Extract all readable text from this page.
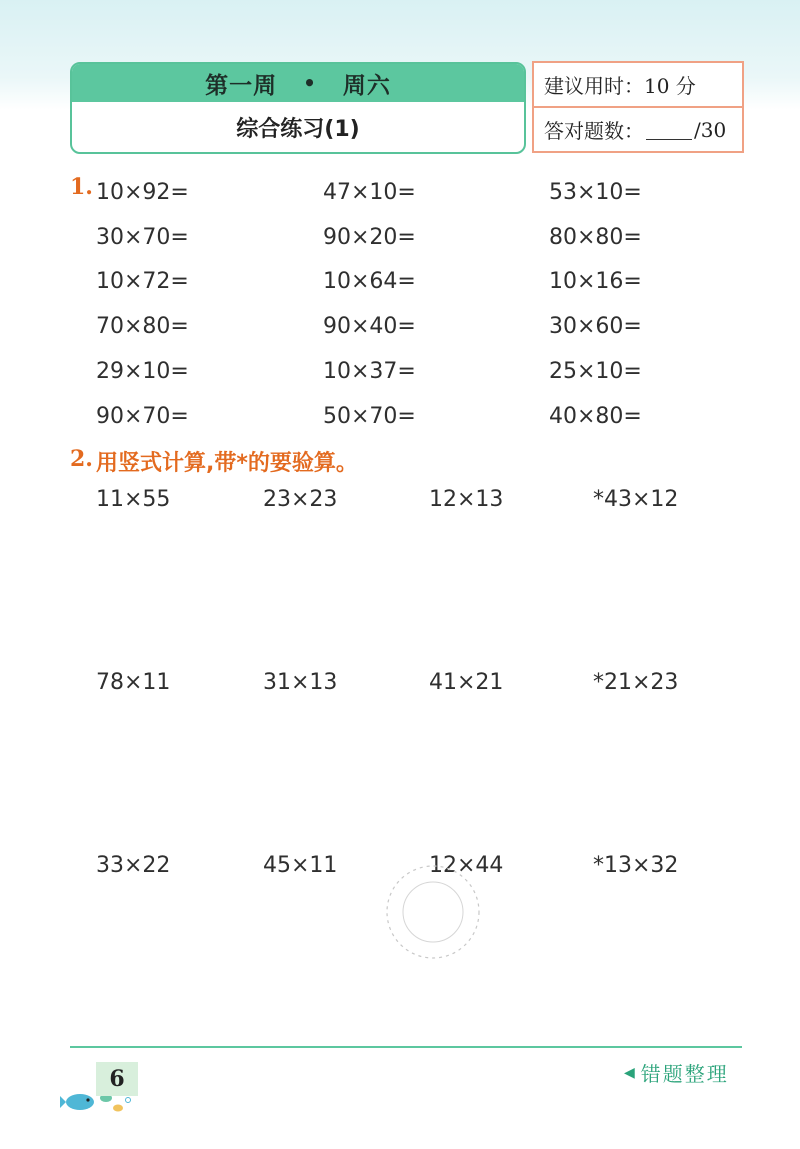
第一周 • 周六
综合练习(1)
建议用时：10 分
答对题数：	/30
1. 10×92=	47×10=	53×10=
30×70=	90×20=	80×80=
10×72=	10×64=	10×16=
70×80=	90×40=	30×60=
29×10=	10×37=	25×10=
90×70=	50×70=	40×80=
2. 用竖式计算,带*的要验算。
11×55	23×23	12×13	*43×12
78×11	31×13	41×21	*21×23
33×22	45×11	12×44	*13×32
6	◀ 错题整理
